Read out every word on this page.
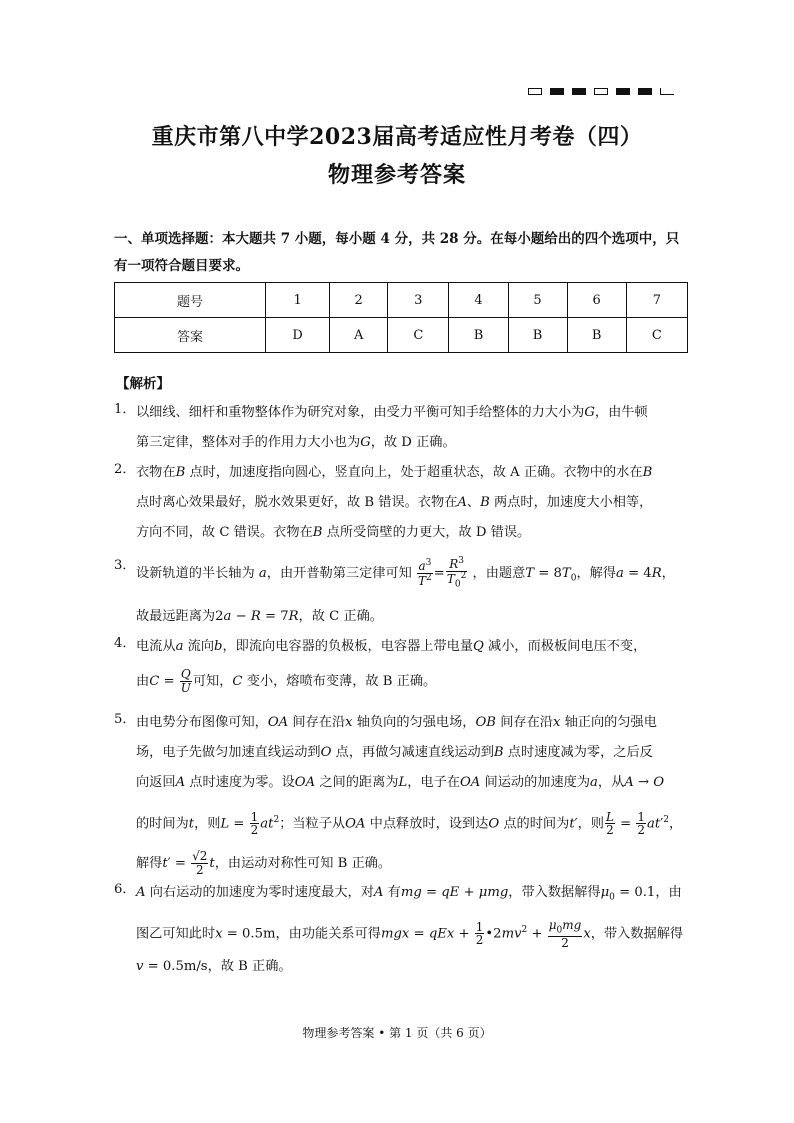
重庆市第八中学2023届高考适应性月考卷（四）
物理参考答案
一、单项选择题：本大题共 7 小题，每小题 4 分，共 28 分。在每小题给出的四个选项中，只
有一项符合题目要求。
题号	1	2	3	4	5	6	7
答案	D	A	C	B	B	B	C
【解析】
1． 以细线、细杆和重物整体作为研究对象，由受力平衡可知手给整体的力大小为G，由牛顿
第三定律，整体对手的作用力大小也为G，故 D 正确。
2． 衣物在B 点时，加速度指向圆心，竖直向上，处于超重状态，故 A 正确。衣物中的水在B
点时离心效果最好，脱水效果更好，故 B 错误。衣物在A、B 两点时，加速度大小相等，
方向不同，故 C 错误。衣物在B 点所受筒壁的力更大，故 D 错误。
3．
设新轨道的半长轴为 a，由开普勒第三定律可知 $\frac{a^3}{T^2} = \frac{R^3}{T_0^2}$ ，由题意$T = 8T_0$，解得a = 4R，
故最远距离为2a − R = 7R，故 C 正确。
4． 电流从a 流向b，即流向电容器的负极板，电容器上带电量Q 减小，而极板间电压不变，
由$C = \frac{Q}{U}$ 可知，C 变小，熔喷布变薄，故 B 正确。
5． 由电势分布图像可知，OA 间存在沿x 轴负向的匀强电场，OB 间存在沿x 轴正向的匀强电
场，电子先做匀加速直线运动到O 点，再做匀减速直线运动到B 点时速度减为零，之后反
向返回A 点时速度为零。设OA 之间的距离为L，电子在OA 间运动的加速度为a，从A → O
的时间为t，则$L = \frac{1}{2} at^2$；当粒子从OA 中点释放时，设到达O 点的时间为t′，则 $\frac{L}{2} = \frac{1}{2} at'^2$，
解得$t' = \frac{√2}{2}$ t，由运动对称性可知 B 正确。
6． A 向右运动的加速度为零时速度最大，对A 有mg = qE + μmg，带入数据解得$\mu_0 = 0.1$，由
图乙可知此时x = 0.5m，由功能关系可得mgx = qEx + $\frac{1}{2}$ $•2mv^2 + \frac{\mu_0mg}{2}$ x，带入数据解得
v = 0.5m/s，故 B 正确。
物理参考答案 • 第 1 页（共 6 页）
